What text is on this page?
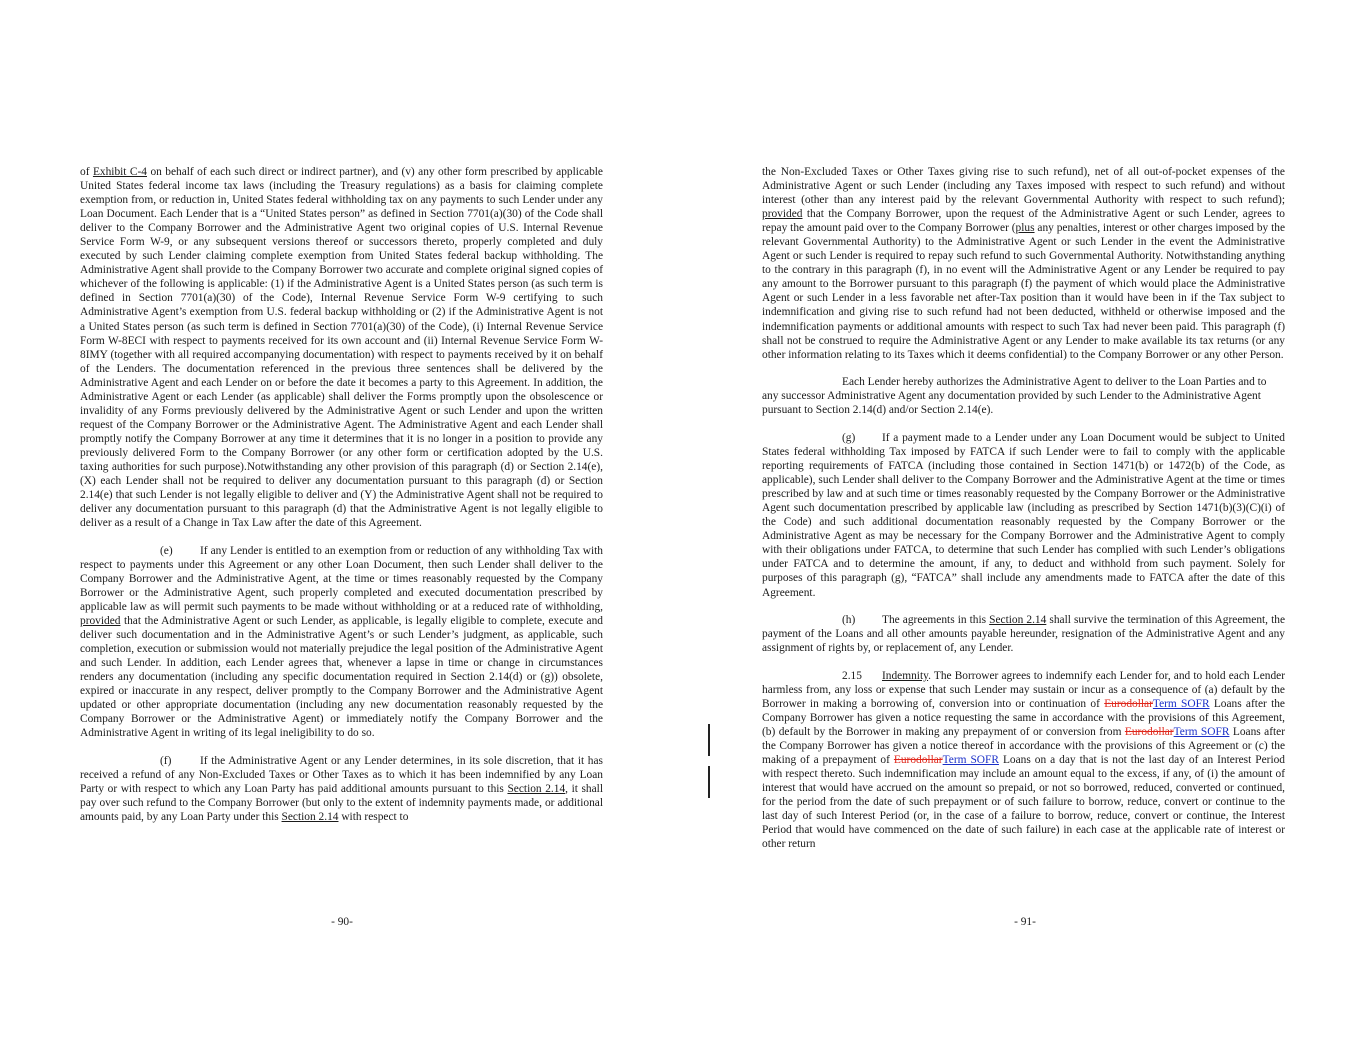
of Exhibit C-4 on behalf of each such direct or indirect partner), and (v) any other form prescribed by applicable United States federal income tax laws (including the Treasury regulations) as a basis for claiming complete exemption from, or reduction in, United States federal withholding tax on any payments to such Lender under any Loan Document. Each Lender that is a “United States person” as defined in Section 7701(a)(30) of the Code shall deliver to the Company Borrower and the Administrative Agent two original copies of U.S. Internal Revenue Service Form W-9, or any subsequent versions thereof or successors thereto, properly completed and duly executed by such Lender claiming complete exemption from United States federal backup withholding. The Administrative Agent shall provide to the Company Borrower two accurate and complete original signed copies of whichever of the following is applicable: (1) if the Administrative Agent is a United States person (as such term is defined in Section 7701(a)(30) of the Code), Internal Revenue Service Form W-9 certifying to such Administrative Agent’s exemption from U.S. federal backup withholding or (2) if the Administrative Agent is not a United States person (as such term is defined in Section 7701(a)(30) of the Code), (i) Internal Revenue Service Form W-8ECI with respect to payments received for its own account and (ii) Internal Revenue Service Form W-8IMY (together with all required accompanying documentation) with respect to payments received by it on behalf of the Lenders. The documentation referenced in the previous three sentences shall be delivered by the Administrative Agent and each Lender on or before the date it becomes a party to this Agreement. In addition, the Administrative Agent or each Lender (as applicable) shall deliver the Forms promptly upon the obsolescence or invalidity of any Forms previously delivered by the Administrative Agent or such Lender and upon the written request of the Company Borrower or the Administrative Agent. The Administrative Agent and each Lender shall promptly notify the Company Borrower at any time it determines that it is no longer in a position to provide any previously delivered Form to the Company Borrower (or any other form or certification adopted by the U.S. taxing authorities for such purpose).Notwithstanding any other provision of this paragraph (d) or Section 2.14(e), (X) each Lender shall not be required to deliver any documentation pursuant to this paragraph (d) or Section 2.14(e) that such Lender is not legally eligible to deliver and (Y) the Administrative Agent shall not be required to deliver any documentation pursuant to this paragraph (d) that the Administrative Agent is not legally eligible to deliver as a result of a Change in Tax Law after the date of this Agreement.

(e) If any Lender is entitled to an exemption from or reduction of any withholding Tax with respect to payments under this Agreement or any other Loan Document, then such Lender shall deliver to the Company Borrower and the Administrative Agent, at the time or times reasonably requested by the Company Borrower or the Administrative Agent, such properly completed and executed documentation prescribed by applicable law as will permit such payments to be made without withholding or at a reduced rate of withholding, provided that the Administrative Agent or such Lender, as applicable, is legally eligible to complete, execute and deliver such documentation and in the Administrative Agent’s or such Lender’s judgment, as applicable, such completion, execution or submission would not materially prejudice the legal position of the Administrative Agent and such Lender. In addition, each Lender agrees that, whenever a lapse in time or change in circumstances renders any documentation (including any specific documentation required in Section 2.14(d) or (g)) obsolete, expired or inaccurate in any respect, deliver promptly to the Company Borrower and the Administrative Agent updated or other appropriate documentation (including any new documentation reasonably requested by the Company Borrower or the Administrative Agent) or immediately notify the Company Borrower and the Administrative Agent in writing of its legal ineligibility to do so.

(f)	If the Administrative Agent or any Lender determines, in its sole discretion, that it has received a refund of any Non-Excluded Taxes or Other Taxes as to which it has been indemnified by any Loan Party or with respect to which any Loan Party has paid additional amounts pursuant to this Section 2.14, it shall pay over such refund to the Company Borrower (but only to the extent of indemnity payments made, or additional amounts paid, by any Loan Party under this Section 2.14 with respect to

- 90-

the Non-Excluded Taxes or Other Taxes giving rise to such refund), net of all out-of-pocket expenses of the Administrative Agent or such Lender (including any Taxes imposed with respect to such refund) and without interest (other than any interest paid by the relevant Governmental Authority with respect to such refund); provided that the Company Borrower, upon the request of the Administrative Agent or such Lender, agrees to repay the amount paid over to the Company Borrower (plus any penalties, interest or other charges imposed by the relevant Governmental Authority) to the Administrative Agent or such Lender in the event the Administrative Agent or such Lender is required to repay such refund to such Governmental Authority. Notwithstanding anything to the contrary in this paragraph (f), in no event will the Administrative Agent or any Lender be required to pay any amount to the Borrower pursuant to this paragraph (f) the payment of which would place the Administrative Agent or such Lender in a less favorable net after-Tax position than it would have been in if the Tax subject to indemnification and giving rise to such refund had not been deducted, withheld or otherwise imposed and the indemnification payments or additional amounts with respect to such Tax had never been paid. This paragraph (f) shall not be construed to require the Administrative Agent or any Lender to make available its tax returns (or any other information relating to its Taxes which it deems confidential) to the Company Borrower or any other Person.

Each Lender hereby authorizes the Administrative Agent to deliver to the Loan Parties and to any successor Administrative Agent any documentation provided by such Lender to the Administrative Agent pursuant to Section 2.14(d) and/or Section 2.14(e).

(g) If a payment made to a Lender under any Loan Document would be subject to United States federal withholding Tax imposed by FATCA if such Lender were to fail to comply with the applicable reporting requirements of FATCA (including those contained in Section 1471(b) or 1472(b) of the Code, as applicable), such Lender shall deliver to the Company Borrower and the Administrative Agent at the time or times prescribed by law and at such time or times reasonably requested by the Company Borrower or the Administrative Agent such documentation prescribed by applicable law (including as prescribed by Section 1471(b)(3)(C)(i) of the Code) and such additional documentation reasonably requested by the Company Borrower or the Administrative Agent as may be necessary for the Company Borrower and the Administrative Agent to comply with their obligations under FATCA, to determine that such Lender has complied with such Lender’s obligations under FATCA and to determine the amount, if any, to deduct and withhold from such payment. Solely for purposes of this paragraph (g), “FATCA” shall include any amendments made to FATCA after the date of this Agreement.

(h) The agreements in this Section 2.14 shall survive the termination of this Agreement, the payment of the Loans and all other amounts payable hereunder, resignation of the Administrative Agent and any assignment of rights by, or replacement of, any Lender.

2.15 Indemnity. The Borrower agrees to indemnify each Lender for, and to hold each Lender harmless from, any loss or expense that such Lender may sustain or incur as a consequence of (a) default by the Borrower in making a borrowing of, conversion into or continuation of EurodollarTerm SOFR Loans after the Company Borrower has given a notice requesting the same in accordance with the provisions of this Agreement, (b) default by the Borrower in making any prepayment of or conversion from EurodollarTerm SOFR Loans after the Company Borrower has given a notice thereof in accordance with the provisions of this Agreement or (c) the making of a prepayment of EurodollarTerm SOFR Loans on a day that is not the last day of an Interest Period with respect thereto. Such indemnification may include an amount equal to the excess, if any, of (i) the amount of interest that would have accrued on the amount so prepaid, or not so borrowed, reduced, converted or continued, for the period from the date of such prepayment or of such failure to borrow, reduce, convert or continue to the last day of such Interest Period (or, in the case of a failure to borrow, reduce, convert or continue, the Interest Period that would have commenced on the date of such failure) in each case at the applicable rate of interest or other return

- 91-
